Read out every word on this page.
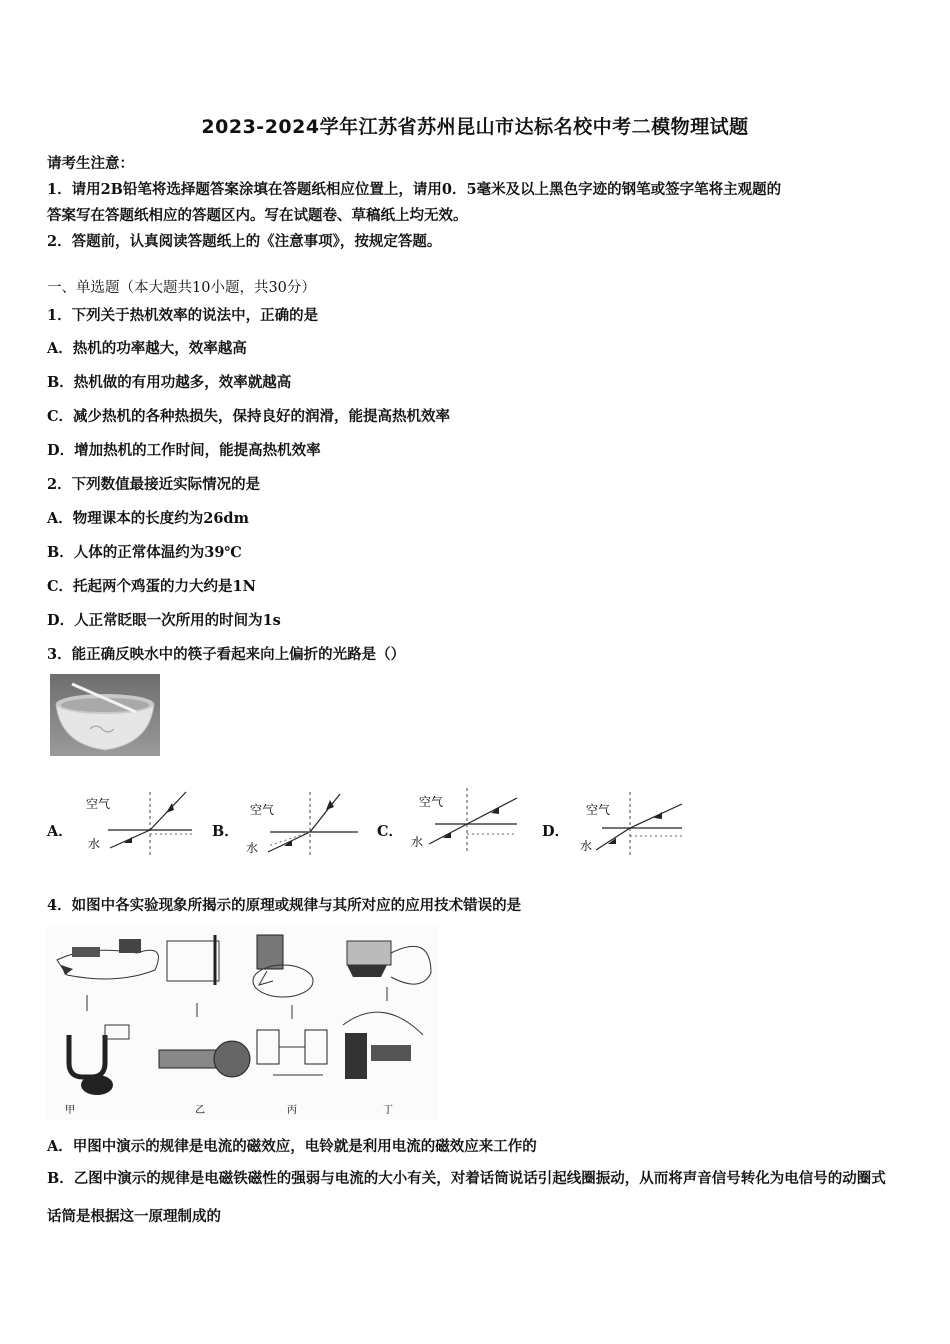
2023-2024学年江苏省苏州昆山市达标名校中考二模物理试题
请考生注意：
1．请用2B铅笔将选择题答案涂填在答题纸相应位置上，请用0．5毫米及以上黑色字迹的钢笔或签字笔将主观题的
答案写在答题纸相应的答题区内。写在试题卷、草稿纸上均无效。
2．答题前，认真阅读答题纸上的《注意事项》，按规定答题。
一、单选题（本大题共10小题，共30分）
1．下列关于热机效率的说法中，正确的是
A．热机的功率越大，效率越高
B．热机做的有用功越多，效率就越高
C．减少热机的各种热损失，保持良好的润滑，能提高热机效率
D．增加热机的工作时间，能提高热机效率
2．下列数值最接近实际情况的是
A．物理课本的长度约为26dm
B．人体的正常体温约为39℃
C．托起两个鸡蛋的力大约是1N
D．人正常眨眼一次所用的时间为1s
3．能正确反映水中的筷子看起来向上偏折的光路是（）
A．
空气
水
B．
空气
水
C．
空气
水
D．
空气
水
4．如图中各实验现象所揭示的原理或规律与其所对应的应用技术错误的是
甲	乙	丙	丁
A．甲图中演示的规律是电流的磁效应，电铃就是利用电流的磁效应来工作的
B．乙图中演示的规律是电磁铁磁性的强弱与电流的大小有关，对着话筒说话引起线圈振动，从而将声音信号转化为电信号的动圈式话筒是根据这一原理制成的
